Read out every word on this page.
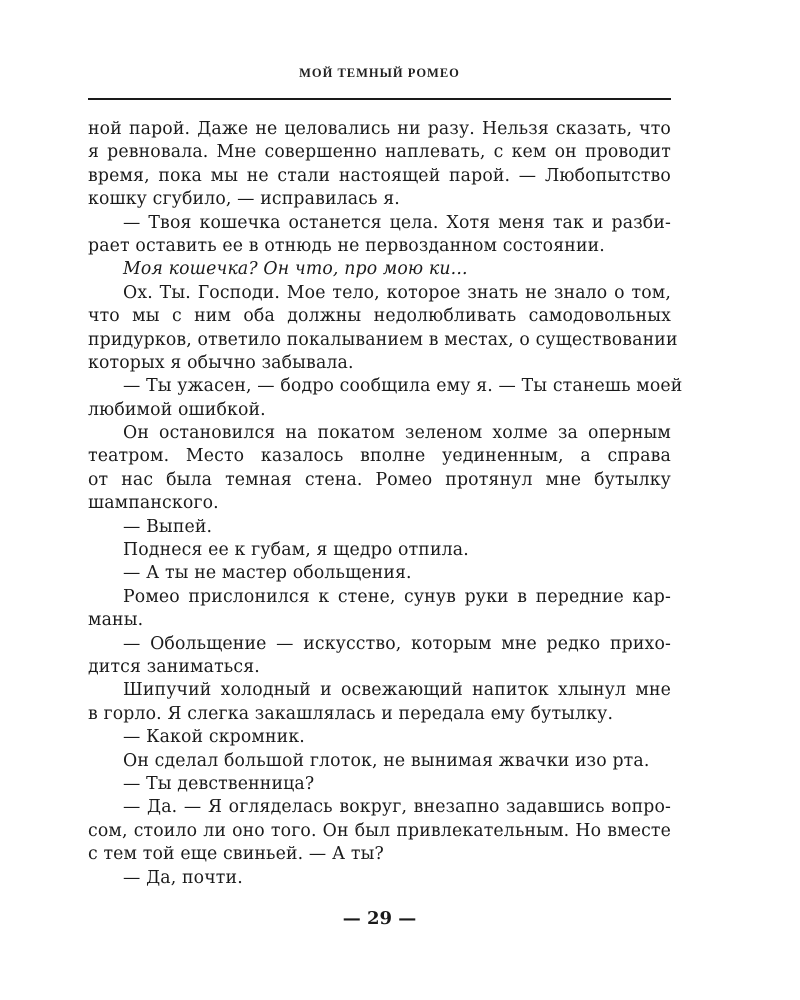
МОЙ ТЕМНЫЙ РОМЕО
ной парой. Даже не целовались ни разу. Нельзя сказать, что
я ревновала. Мне совершенно наплевать, с кем он проводит
время, пока мы не стали настоящей парой. — Любопытство
кошку сгубило, — исправилась я.
— Твоя кошечка останется цела. Хотя меня так и разби-
рает оставить ее в отнюдь не первозданном состоянии.
Моя кошечка? Он что, про мою ки...
Ох. Ты. Господи. Мое тело, которое знать не знало о том,
что мы с ним оба должны недолюбливать самодовольных
придурков, ответило покалыванием в местах, о существовании
которых я обычно забывала.
— Ты ужасен, — бодро сообщила ему я. — Ты станешь моей
любимой ошибкой.
Он остановился на покатом зеленом холме за оперным
театром. Место казалось вполне уединенным, а справа
от нас была темная стена. Ромео протянул мне бутылку
шампанского.
— Выпей.
Поднеся ее к губам, я щедро отпила.
— А ты не мастер обольщения.
Ромео прислонился к стене, сунув руки в передние кар-
маны.
— Обольщение — искусство, которым мне редко прихо-
дится заниматься.
Шипучий холодный и освежающий напиток хлынул мне
в горло. Я слегка закашлялась и передала ему бутылку.
— Какой скромник.
Он сделал большой глоток, не вынимая жвачки изо рта.
— Ты девственница?
— Да. — Я огляделась вокруг, внезапно задавшись вопро-
сом, стоило ли оно того. Он был привлекательным. Но вместе
с тем той еще свиньей. — А ты?
— Да, почти.
— 29 —
